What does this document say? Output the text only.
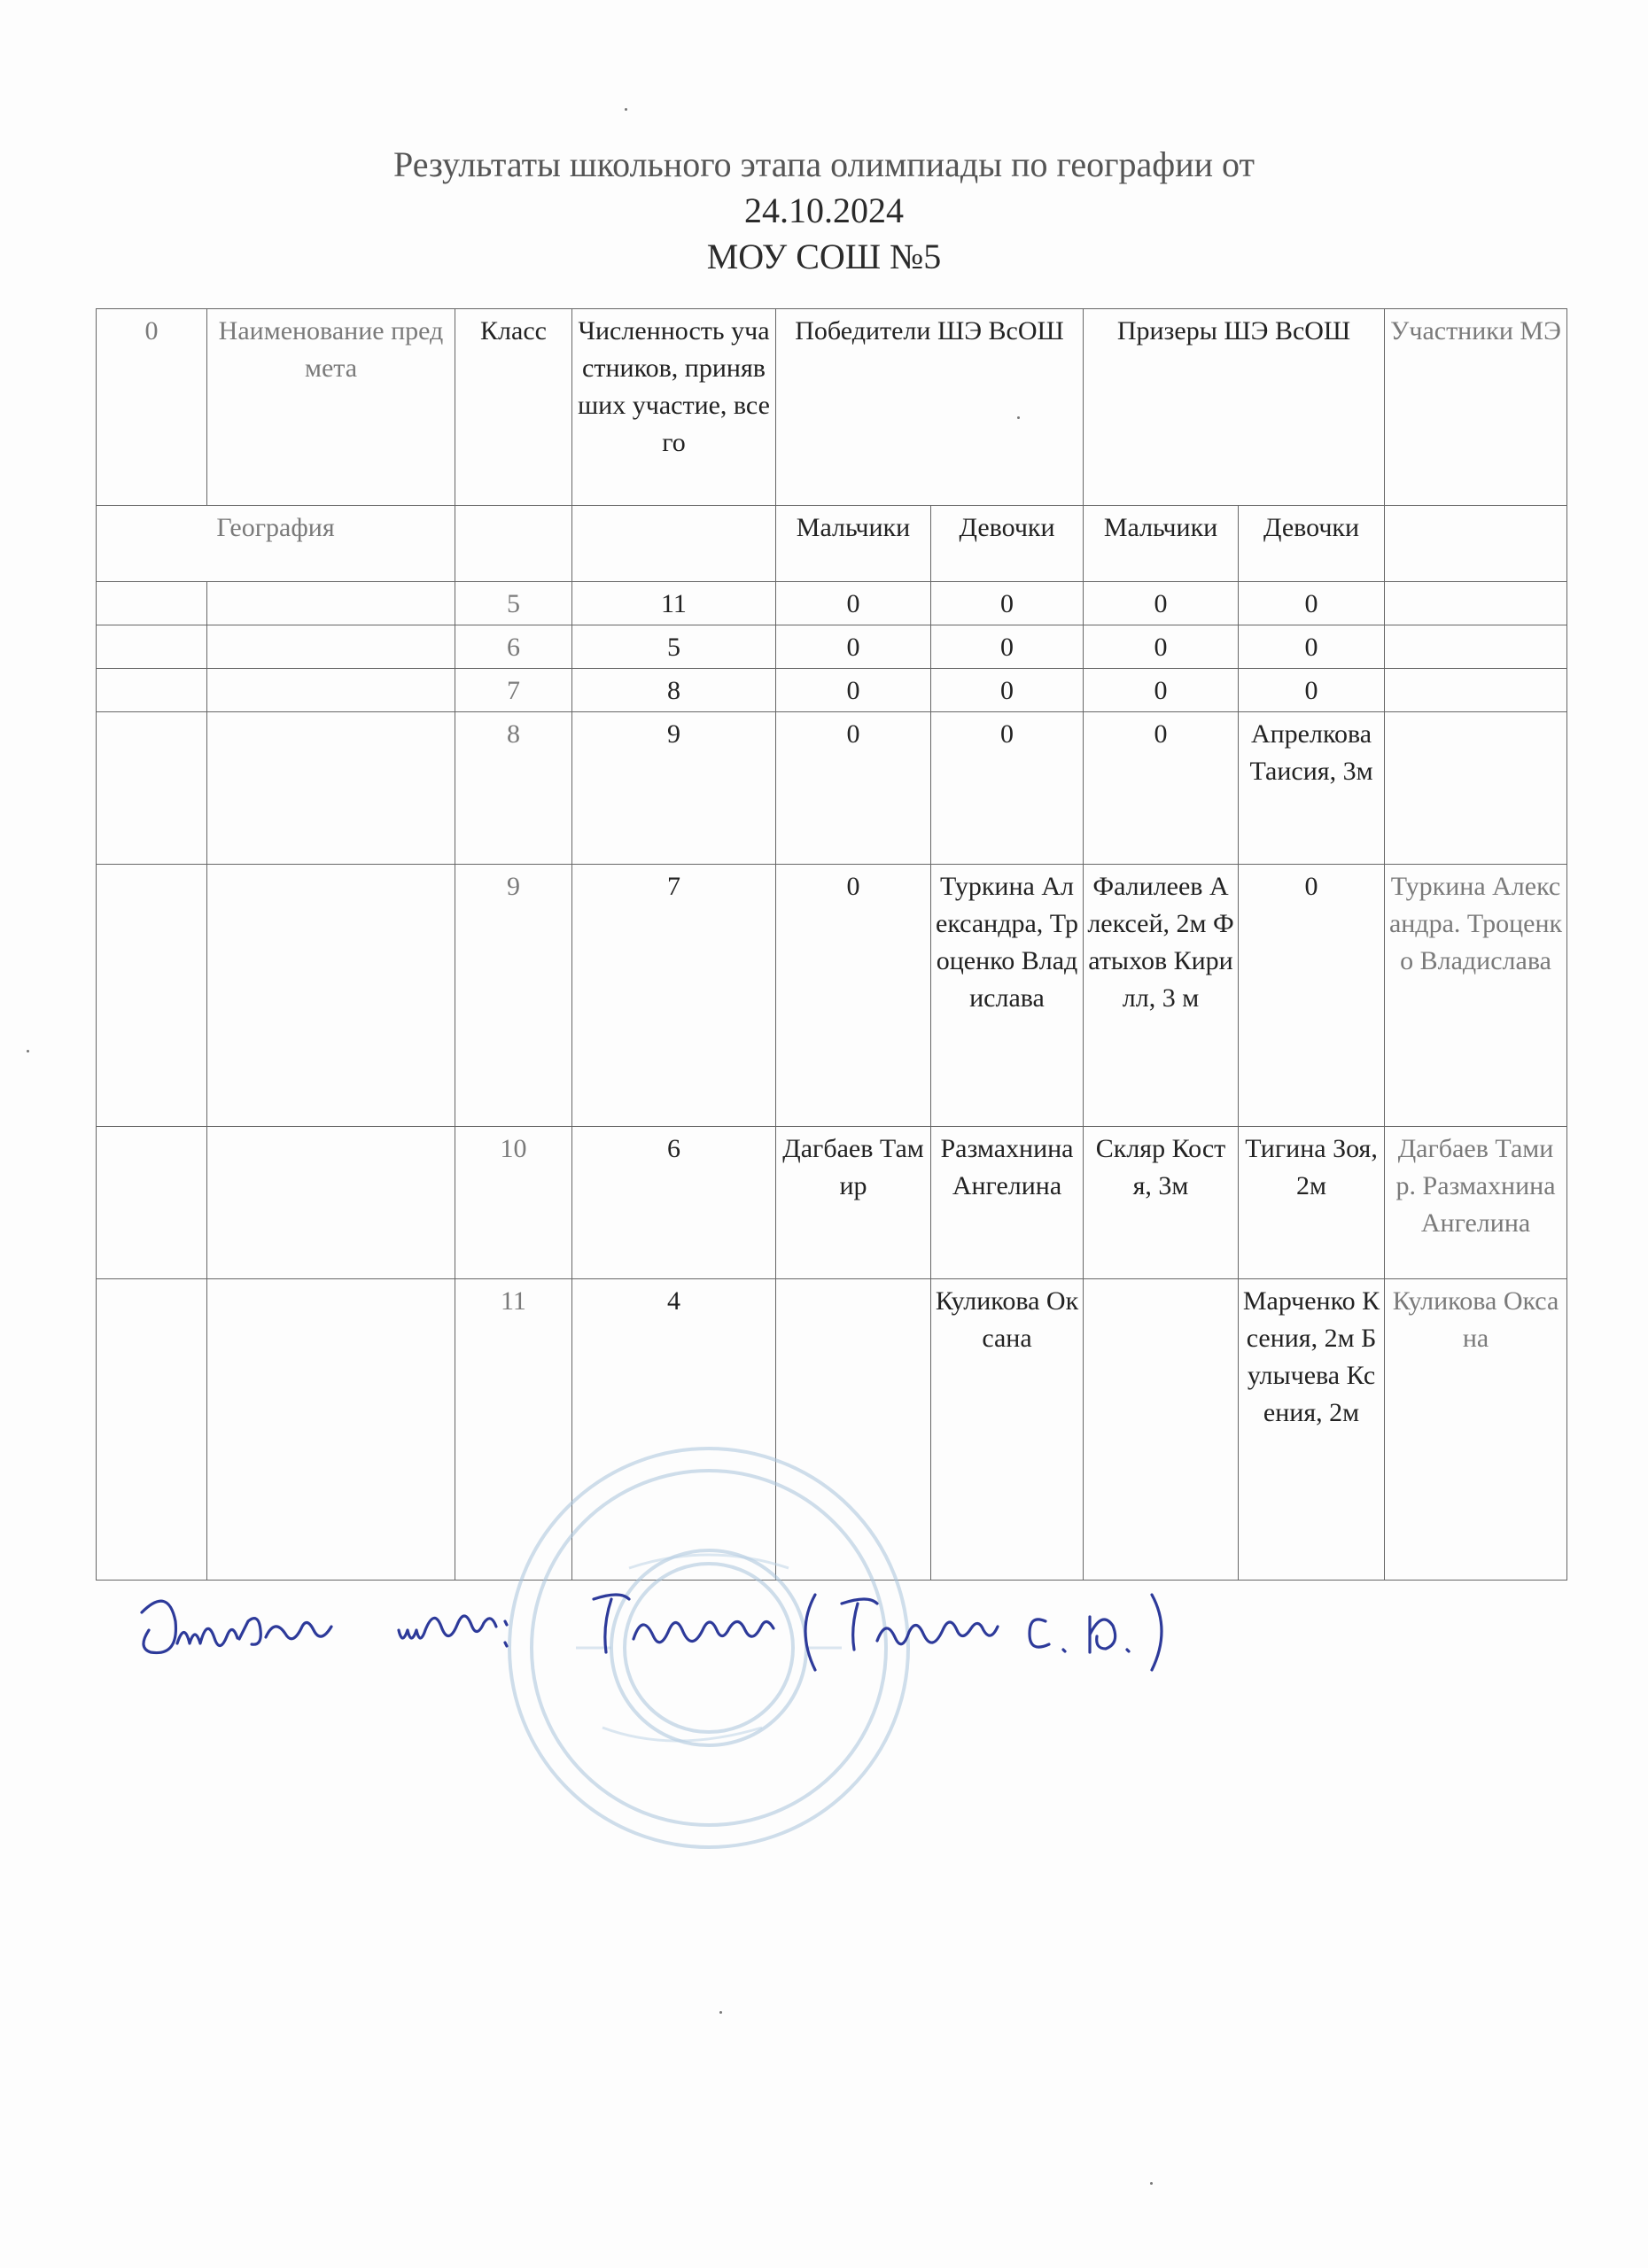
Результаты школьного этапа олимпиады по географии от
24.10.2024
МОУ СОШ №5
0	Наименование предмета	Класс	Численность участников, принявших участие, всего	Победители ШЭ ВсОШ		Призеры ШЭ ВсОШ		Участники МЭ
География				Мальчики	Девочки	Мальчики	Девочки	
		5	11	0	0	0	0	
		6	5	0	0	0	0	
		7	8	0	0	0	0	
		8	9	0	0	0	Апрелкова Таисия, 3м	
		9	7	0	Туркина Александра, Троценко Владислава	Фалилеев Алексей, 2м Фатыхов Кирилл, 3 м	0	Туркина Александра. Троценко Владислава
		10	6	Дагбаев Тамир	Размахнина Ангелина	Скляр Костя, 3м	Тигина Зоя, 2м	Дагбаев Тамир. Размахнина Ангелина
		11	4		Куликова Оксана		Марченко Ксения, 2м Булычева Ксения, 2м	Куликова Оксана
